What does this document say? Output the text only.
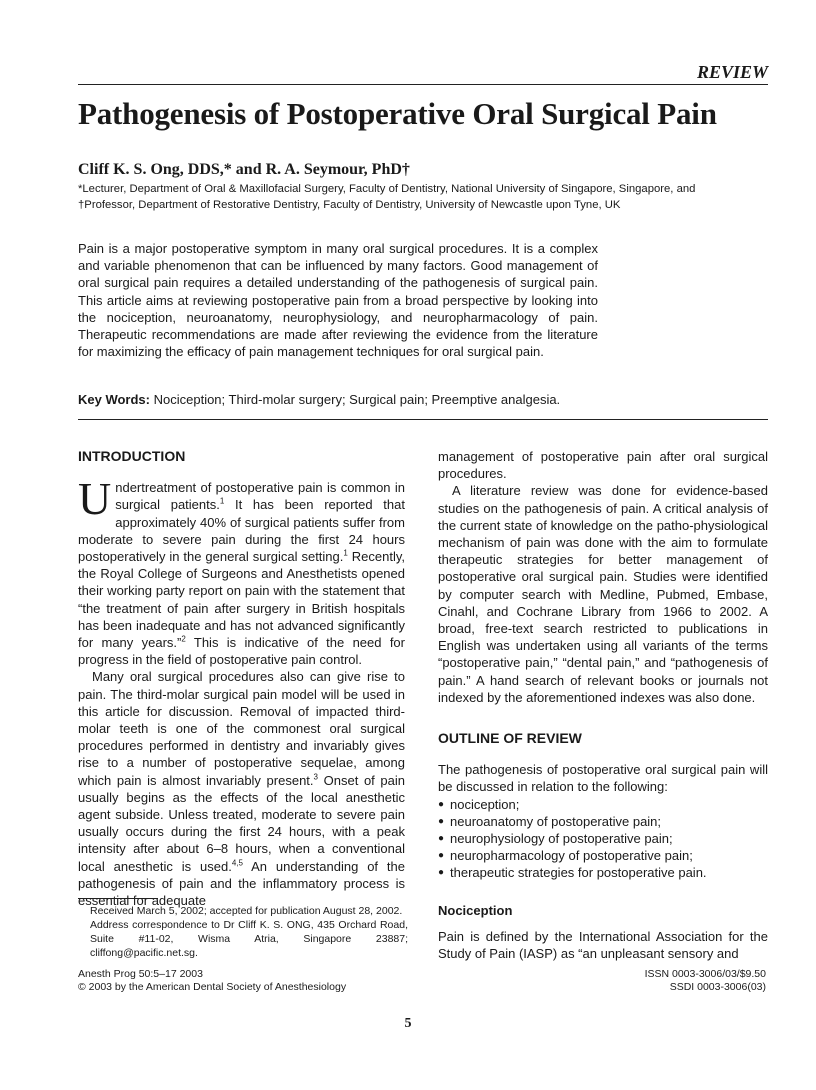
REVIEW
Pathogenesis of Postoperative Oral Surgical Pain
Cliff K. S. Ong, DDS,* and R. A. Seymour, PhD†
*Lecturer, Department of Oral & Maxillofacial Surgery, Faculty of Dentistry, National University of Singapore, Singapore, and
†Professor, Department of Restorative Dentistry, Faculty of Dentistry, University of Newcastle upon Tyne, UK

Pain is a major postoperative symptom in many oral surgical procedures. It is a complex and variable phenomenon that can be influenced by many factors. Good management of oral surgical pain requires a detailed understanding of the pathogenesis of surgical pain. This article aims at reviewing postoperative pain from a broad perspective by looking into the nociception, neuroanatomy, neurophysiology, and neuropharmacology of pain. Therapeutic recommendations are made after reviewing the evidence from the literature for maximizing the efficacy of pain management techniques for oral surgical pain.

Key Words: Nociception; Third-molar surgery; Surgical pain; Preemptive analgesia.
INTRODUCTION

Undertreatment of postoperative pain is common in surgical patients.$^1$ It has been reported that approximately 40% of surgical patients suffer from moderate to severe pain during the first 24 hours postoperatively in the general surgical setting.$^1$ Recently, the Royal College of Surgeons and Anesthetists opened their working party report on pain with the statement that “the treatment of pain after surgery in British hospitals has been inadequate and has not advanced significantly for many years.”$^2$ This is indicative of the need for progress in the field of postoperative pain control.

Many oral surgical procedures also can give rise to pain. The third-molar surgical pain model will be used in this article for discussion. Removal of impacted third-molar teeth is one of the commonest oral surgical procedures performed in dentistry and invariably gives rise to a number of postoperative sequelae, among which pain is almost invariably present.$^3$ Onset of pain usually begins as the effects of the local anesthetic agent subside. Unless treated, moderate to severe pain usually occurs during the first 24 hours, with a peak intensity after about 6–8 hours, when a conventional local anesthetic is used.$^{4,5}$ An understanding of the pathogenesis of pain and the inflammatory process is essential for adequate

management of postoperative pain after oral surgical procedures.

A literature review was done for evidence-based studies on the pathogenesis of pain. A critical analysis of the current state of knowledge on the patho-physiological mechanism of pain was done with the aim to formulate therapeutic strategies for better management of postoperative oral surgical pain. Studies were identified by computer search with Medline, Pubmed, Embase, Cinahl, and Cochrane Library from 1966 to 2002. A broad, free-text search restricted to publications in English was undertaken using all variants of the terms “postoperative pain,” “dental pain,” and “pathogenesis of pain.” A hand search of relevant books or journals not indexed by the aforementioned indexes was also done.

OUTLINE OF REVIEW

The pathogenesis of postoperative oral surgical pain will be discussed in relation to the following:

● nociception;
● neuroanatomy of postoperative pain;
● neurophysiology of postoperative pain;
● neuropharmacology of postoperative pain;
● therapeutic strategies for postoperative pain.
Nociception

Pain is defined by the International Association for the Study of Pain (IASP) as “an unpleasant sensory and

Received March 5, 2002; accepted for publication August 28, 2002.
Address correspondence to Dr Cliff K. S. ONG, 435 Orchard Road, Suite #11-02, Wisma Atria, Singapore 23887; cliffong@pacific.net.sg.
Anesth Prog 50:5–17 2003
© 2003 by the American Dental Society of Anesthesiology
ISSN 0003-3006/03/$9.50
SSDI 0003-3006(03)
5
